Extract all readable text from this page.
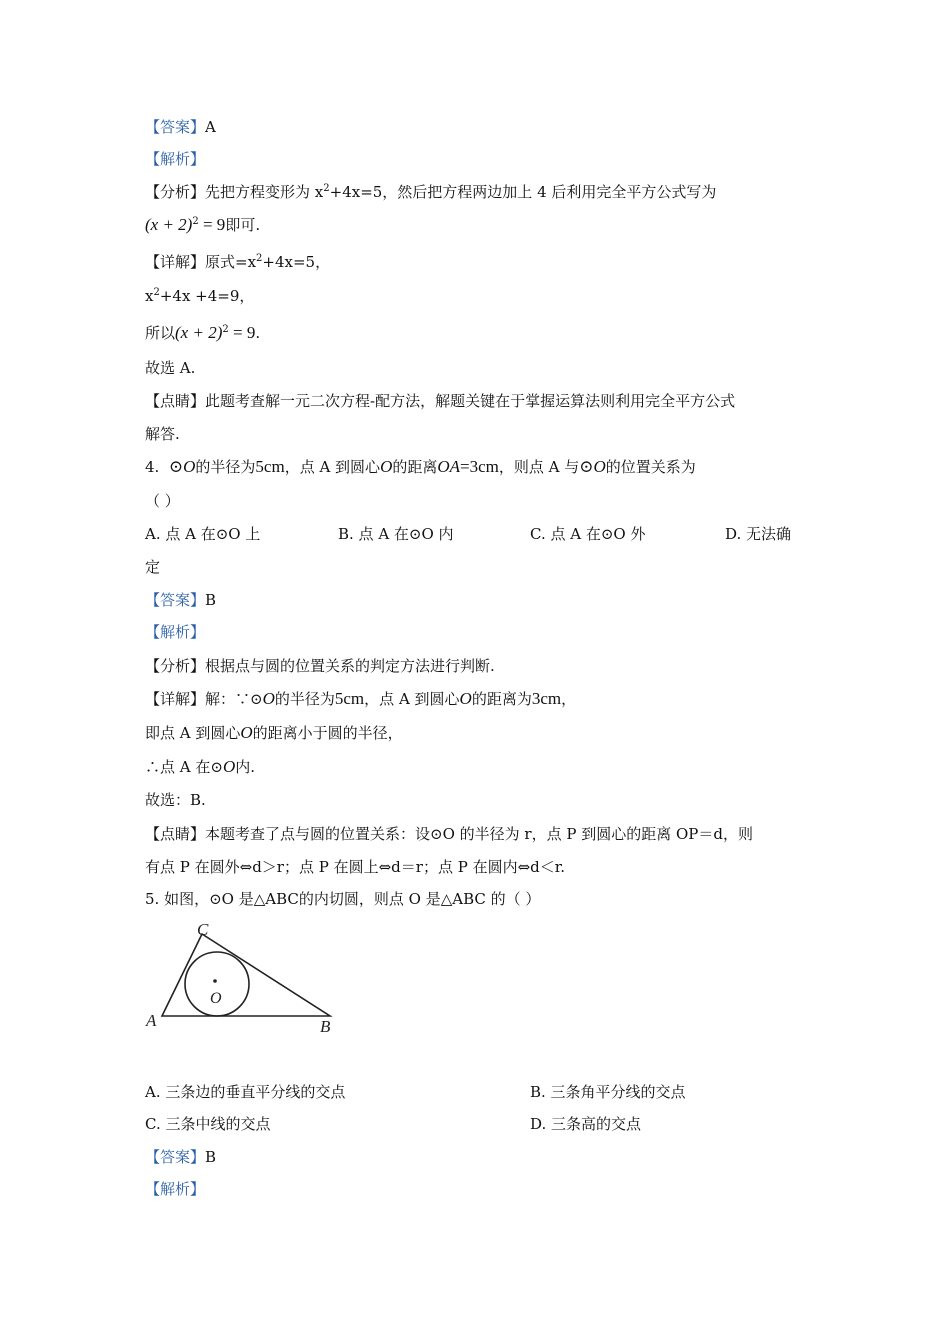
【答案】A
【解析】
【分析】先把方程变形为 $x^2+4x=5$，然后把方程两边加上 4 后利用完全平方公式写为
$(x + 2)^2 = 9$即可.
【详解】原式$=x^2+4x=5$，
$x^2+4x +4=9$，
所以$(x + 2)^2 = 9$.
故选 A.
【点睛】此题考查解一元二次方程-配方法，解题关键在于掌握运算法则利用完全平方公式
解答.
4. ⊙O的半径为5cm，点 A 到圆心O的距离OA=3cm，则点 A 与⊙O的位置关系为
（ ）
A. 点 A 在⊙O 上	B. 点 A 在⊙O 内	C. 点 A 在⊙O 外	D. 无法确
定
【答案】B
【解析】
【分析】根据点与圆的位置关系的判定方法进行判断.
【详解】解：∵⊙O的半径为5cm，点 A 到圆心O的距离为3cm，
即点 A 到圆心O的距离小于圆的半径，
∴点 A 在⊙O内.
故选：B.
【点睛】本题考查了点与圆的位置关系：设⊙O 的半径为 r，点 P 到圆心的距离 OP＝d，则
有点 P 在圆外⇔d＞r；点 P 在圆上⇔d＝r；点 P 在圆内⇔d＜r.
5. 如图，⊙O 是△ABC的内切圆，则点 O 是△ABC 的（ ）
C
O
A	B
A. 三条边的垂直平分线的交点	B. 三条角平分线的交点
C. 三条中线的交点	D. 三条高的交点
【答案】B
【解析】
